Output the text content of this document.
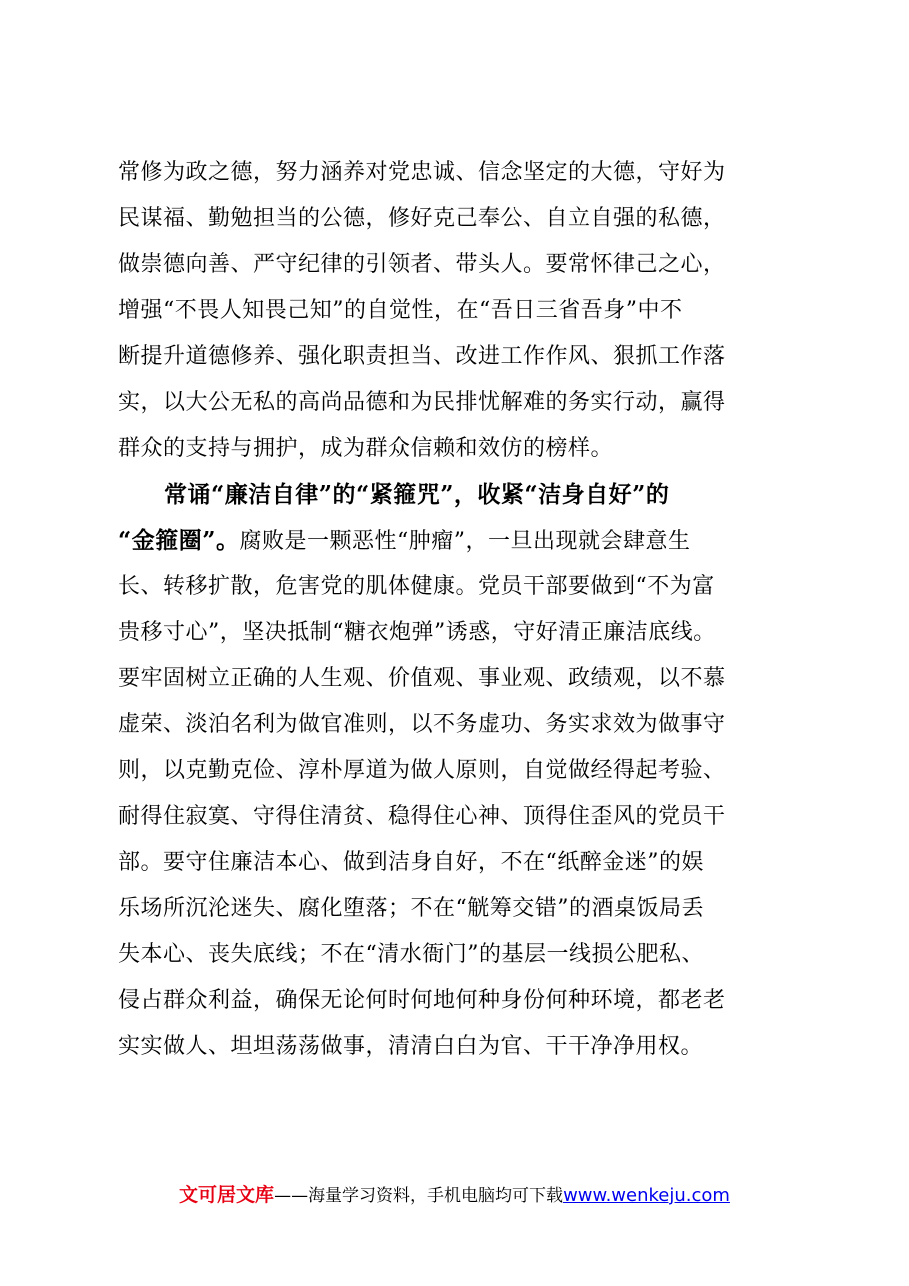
常修为政之德，努力涵养对党忠诚、信念坚定的大德，守好为
民谋福、勤勉担当的公德，修好克己奉公、自立自强的私德，
做崇德向善、严守纪律的引领者、带头人。要常怀律己之心，
增强“不畏人知畏己知”的自觉性，在“吾日三省吾身”中不
断提升道德修养、强化职责担当、改进工作作风、狠抓工作落
实，以大公无私的高尚品德和为民排忧解难的务实行动，赢得
群众的支持与拥护，成为群众信赖和效仿的榜样。
常诵“廉洁自律”的“紧箍咒”，收紧“洁身自好”的
“金箍圈”。腐败是一颗恶性“肿瘤”，一旦出现就会肆意生
长、转移扩散，危害党的肌体健康。党员干部要做到“不为富
贵移寸心”，坚决抵制“糖衣炮弹”诱惑，守好清正廉洁底线。
要牢固树立正确的人生观、价值观、事业观、政绩观，以不慕
虚荣、淡泊名利为做官准则，以不务虚功、务实求效为做事守
则，以克勤克俭、淳朴厚道为做人原则，自觉做经得起考验、
耐得住寂寞、守得住清贫、稳得住心神、顶得住歪风的党员干
部。要守住廉洁本心、做到洁身自好，不在“纸醉金迷”的娱
乐场所沉沦迷失、腐化堕落；不在“觥筹交错”的酒桌饭局丢
失本心、丧失底线；不在“清水衙门”的基层一线损公肥私、
侵占群众利益，确保无论何时何地何种身份何种环境，都老老
实实做人、坦坦荡荡做事，清清白白为官、干干净净用权。
文可居文库——海量学习资料，手机电脑均可下载www.wenkeju.com
